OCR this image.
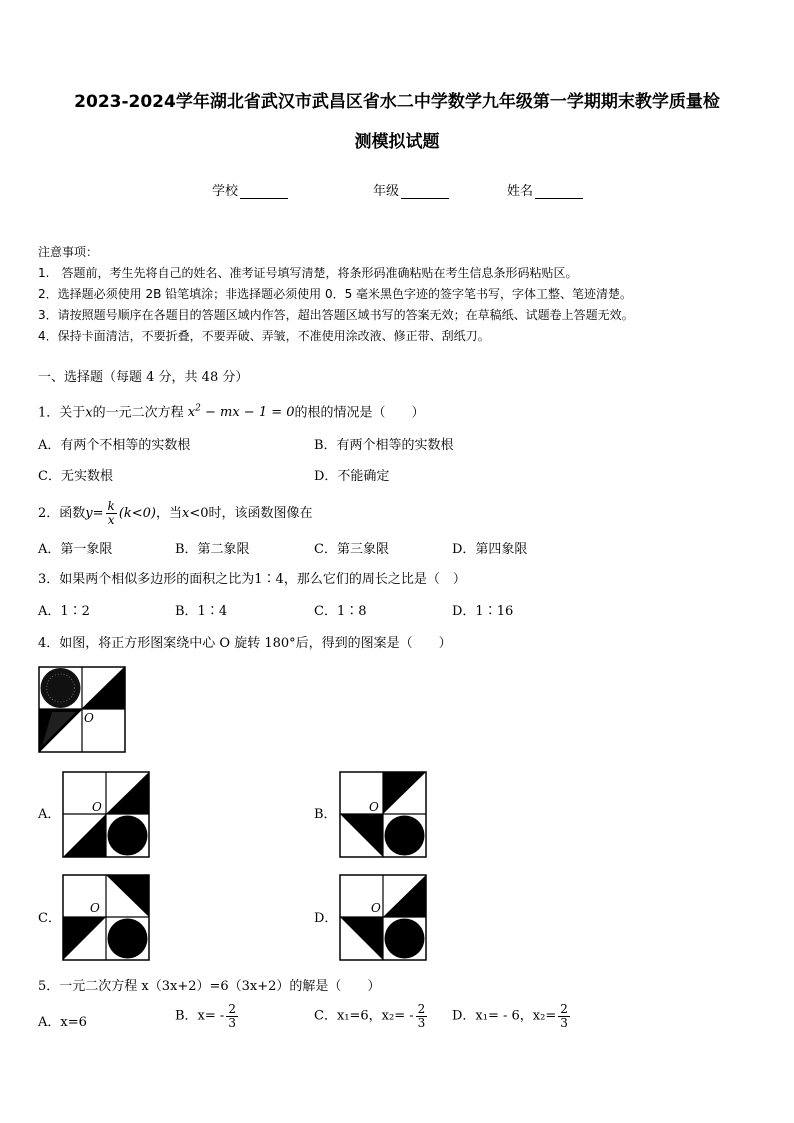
2023-2024学年湖北省武汉市武昌区省水二中学数学九年级第一学期期末教学质量检
测模拟试题
学校	年级	姓名
注意事项：
1.　答题前，考生先将自己的姓名、准考证号填写清楚，将条形码准确粘贴在考生信息条形码粘贴区。
2．选择题必须使用 2B 铅笔填涂；非选择题必须使用 0．5 毫米黑色字迹的签字笔书写，字体工整、笔迹清楚。
3．请按照题号顺序在各题目的答题区域内作答，超出答题区域书写的答案无效；在草稿纸、试题卷上答题无效。
4．保持卡面清洁，不要折叠，不要弄破、弄皱，不准使用涂改液、修正带、刮纸刀。
一、选择题（每题 4 分，共 48 分）
1．关于x的一元二次方程 $x^2$ − mx − 1 = 0的根的情况是（　　）
A．有两个不相等的实数根	B．有两个相等的实数根
C．无实数根	D．不能确定
2．函数$y= \frac{k}{x} (k<0)$，当x<0时，该函数图像在
A．第一象限	B．第二象限	C．第三象限	D．第四象限
3．如果两个相似多边形的面积之比为1∶4，那么它们的周长之比是（　）
A．1∶2	B．1∶4	C．1∶8	D．1∶16
4．如图，将正方形图案绕中心 O 旋转 180°后，得到的图案是（　　）
O
A．	O	B．	O
C．
O
D．
O
5．一元二次方程 x（3x+2）=6（3x+2）的解是（　　）
A．x=6	B．$x= - \frac{2}{3}$	C．x₁=6，$x_2= - \frac{2}{3}$ D．x₁= - 6，$x_2= \frac{2}{3}$
